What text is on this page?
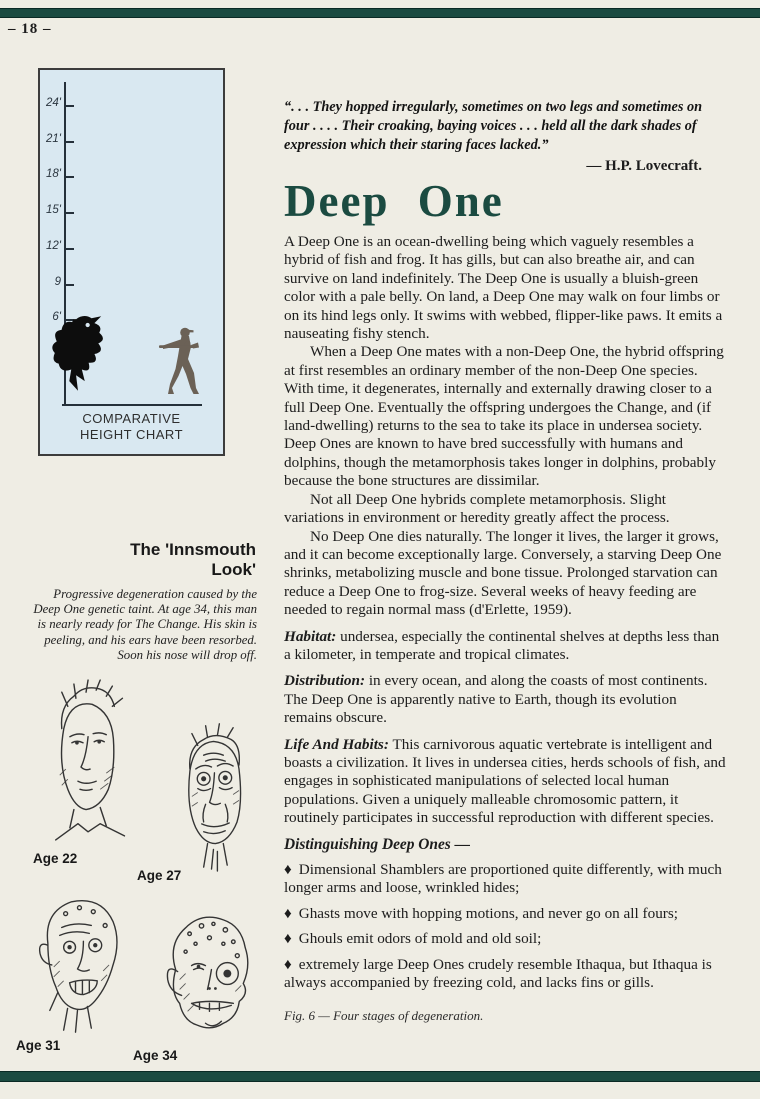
– 18 –
24'
21'
18'
15'
12'
9
6'
COMPARATIVE
HEIGHT CHART
The 'Innsmouth
Look'
Progressive degeneration caused by the Deep One genetic taint. At age 34, this man is nearly ready for The Change. His skin is peeling, and his ears have been resorbed. Soon his nose will drop off.
Age 22
Age 27
Age 31
Age 34

“. . . They hopped irregularly, sometimes on two legs and sometimes on four . . . . Their croaking, baying voices . . . held all the dark shades of expression which their staring faces lacked.”

— H.P. Lovecraft.

Deep One

A Deep One is an ocean-dwelling being which vaguely resembles a hybrid of fish and frog. It has gills, but can also breathe air, and can survive on land indefinitely. The Deep One is usually a bluish-green color with a pale belly. On land, a Deep One may walk on four limbs or on its hind legs only. It swims with webbed, flipper-like paws. It emits a nauseating fishy stench.

When a Deep One mates with a non-Deep One, the hybrid offspring at first resembles an ordinary member of the non-Deep One species. With time, it degenerates, internally and externally drawing closer to a full Deep One. Eventually the offspring undergoes the Change, and (if land-dwelling) returns to the sea to take its place in undersea society. Deep Ones are known to have bred successfully with humans and dolphins, though the metamorphosis takes longer in dolphins, probably because the bone structures are dissimilar.

Not all Deep One hybrids complete metamorphosis. Slight variations in environment or heredity greatly affect the process.

No Deep One dies naturally. The longer it lives, the larger it grows, and it can become exceptionally large. Conversely, a starving Deep One shrinks, metabolizing muscle and bone tissue. Prolonged starvation can reduce a Deep One to frog-size. Several weeks of heavy feeding are needed to regain normal mass (d'Erlette, 1959).

Habitat: undersea, especially the continental shelves at depths less than a kilometer, in temperate and tropical climates.

Distribution: in every ocean, and along the coasts of most continents. The Deep One is apparently native to Earth, though its evolution remains obscure.

Life And Habits: This carnivorous aquatic vertebrate is intelligent and boasts a civilization. It lives in undersea cities, herds schools of fish, and engages in sophisticated manipulations of selected local human populations. Given a uniquely malleable chromosomic pattern, it routinely participates in successful reproduction with different species.

Distinguishing Deep Ones —

♦ Dimensional Shamblers are proportioned quite differently, with much longer arms and loose, wrinkled hides;

♦ Ghasts move with hopping motions, and never go on all fours;

♦ Ghouls emit odors of mold and old soil;

♦ extremely large Deep Ones crudely resemble Ithaqua, but Ithaqua is always accompanied by freezing cold, and lacks fins or gills.

Fig. 6 — Four stages of degeneration.
